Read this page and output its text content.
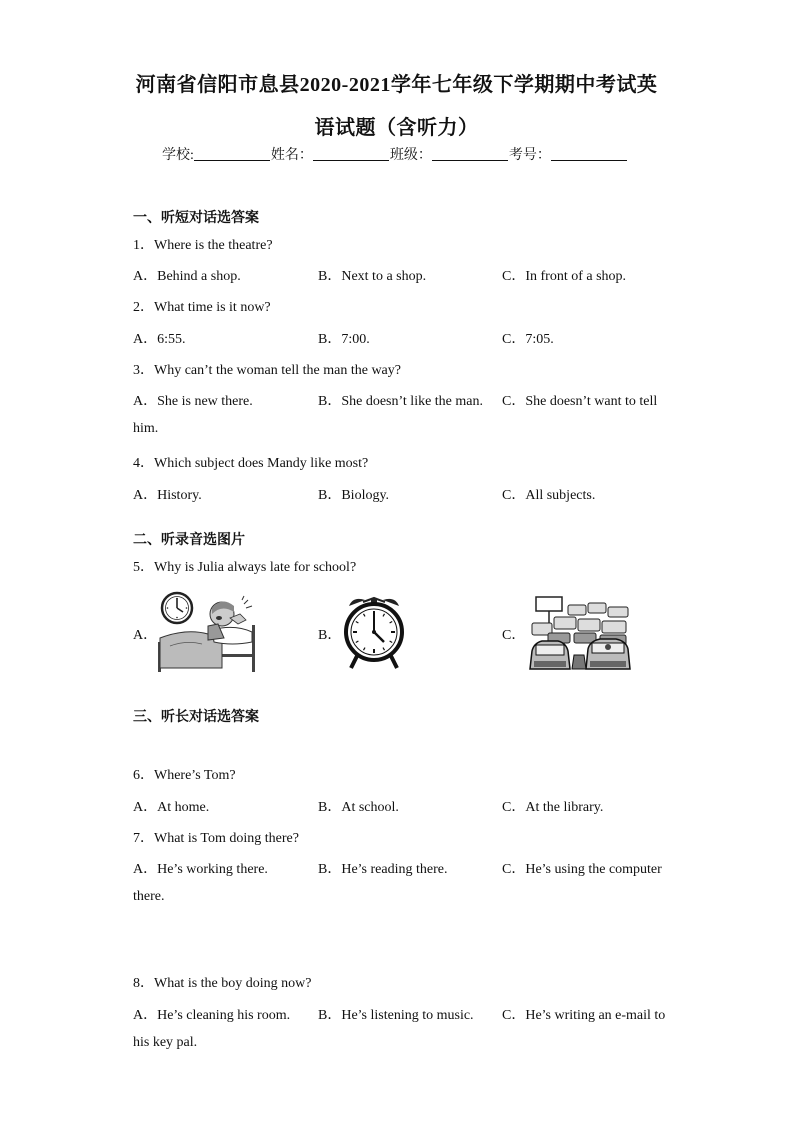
河南省信阳市息县2020-2021学年七年级下学期期中考试英
语试题（含听力）
学校:	姓名：	班级：	考号：
一、听短对话选答案
1．Where is the theatre?
A．Behind a shop.	B．Next to a shop.	C．In front of a shop.
2．What time is it now?
A．6:55.	B．7:00.	C．7:05.
3．Why can’t the woman tell the man the way?
A．She is new there.	B．She doesn’t like the man. C．She doesn’t want to tell
him.
4．Which subject does Mandy like most?
A．History.	B．Biology.	C．All subjects.
二、听录音选图片
5．Why is Julia always late for school?
A．	B．	C．
三、听长对话选答案
6．Where’s Tom?
A．At home.	B．At school.	C．At the library.
7．What is Tom doing there?
A．He’s working there.	B．He’s reading there.	C．He’s using the computer
there.
8．What is the boy doing now?
A．He’s cleaning his room. B．He’s listening to music. C．He’s writing an e-mail to
his key pal.
